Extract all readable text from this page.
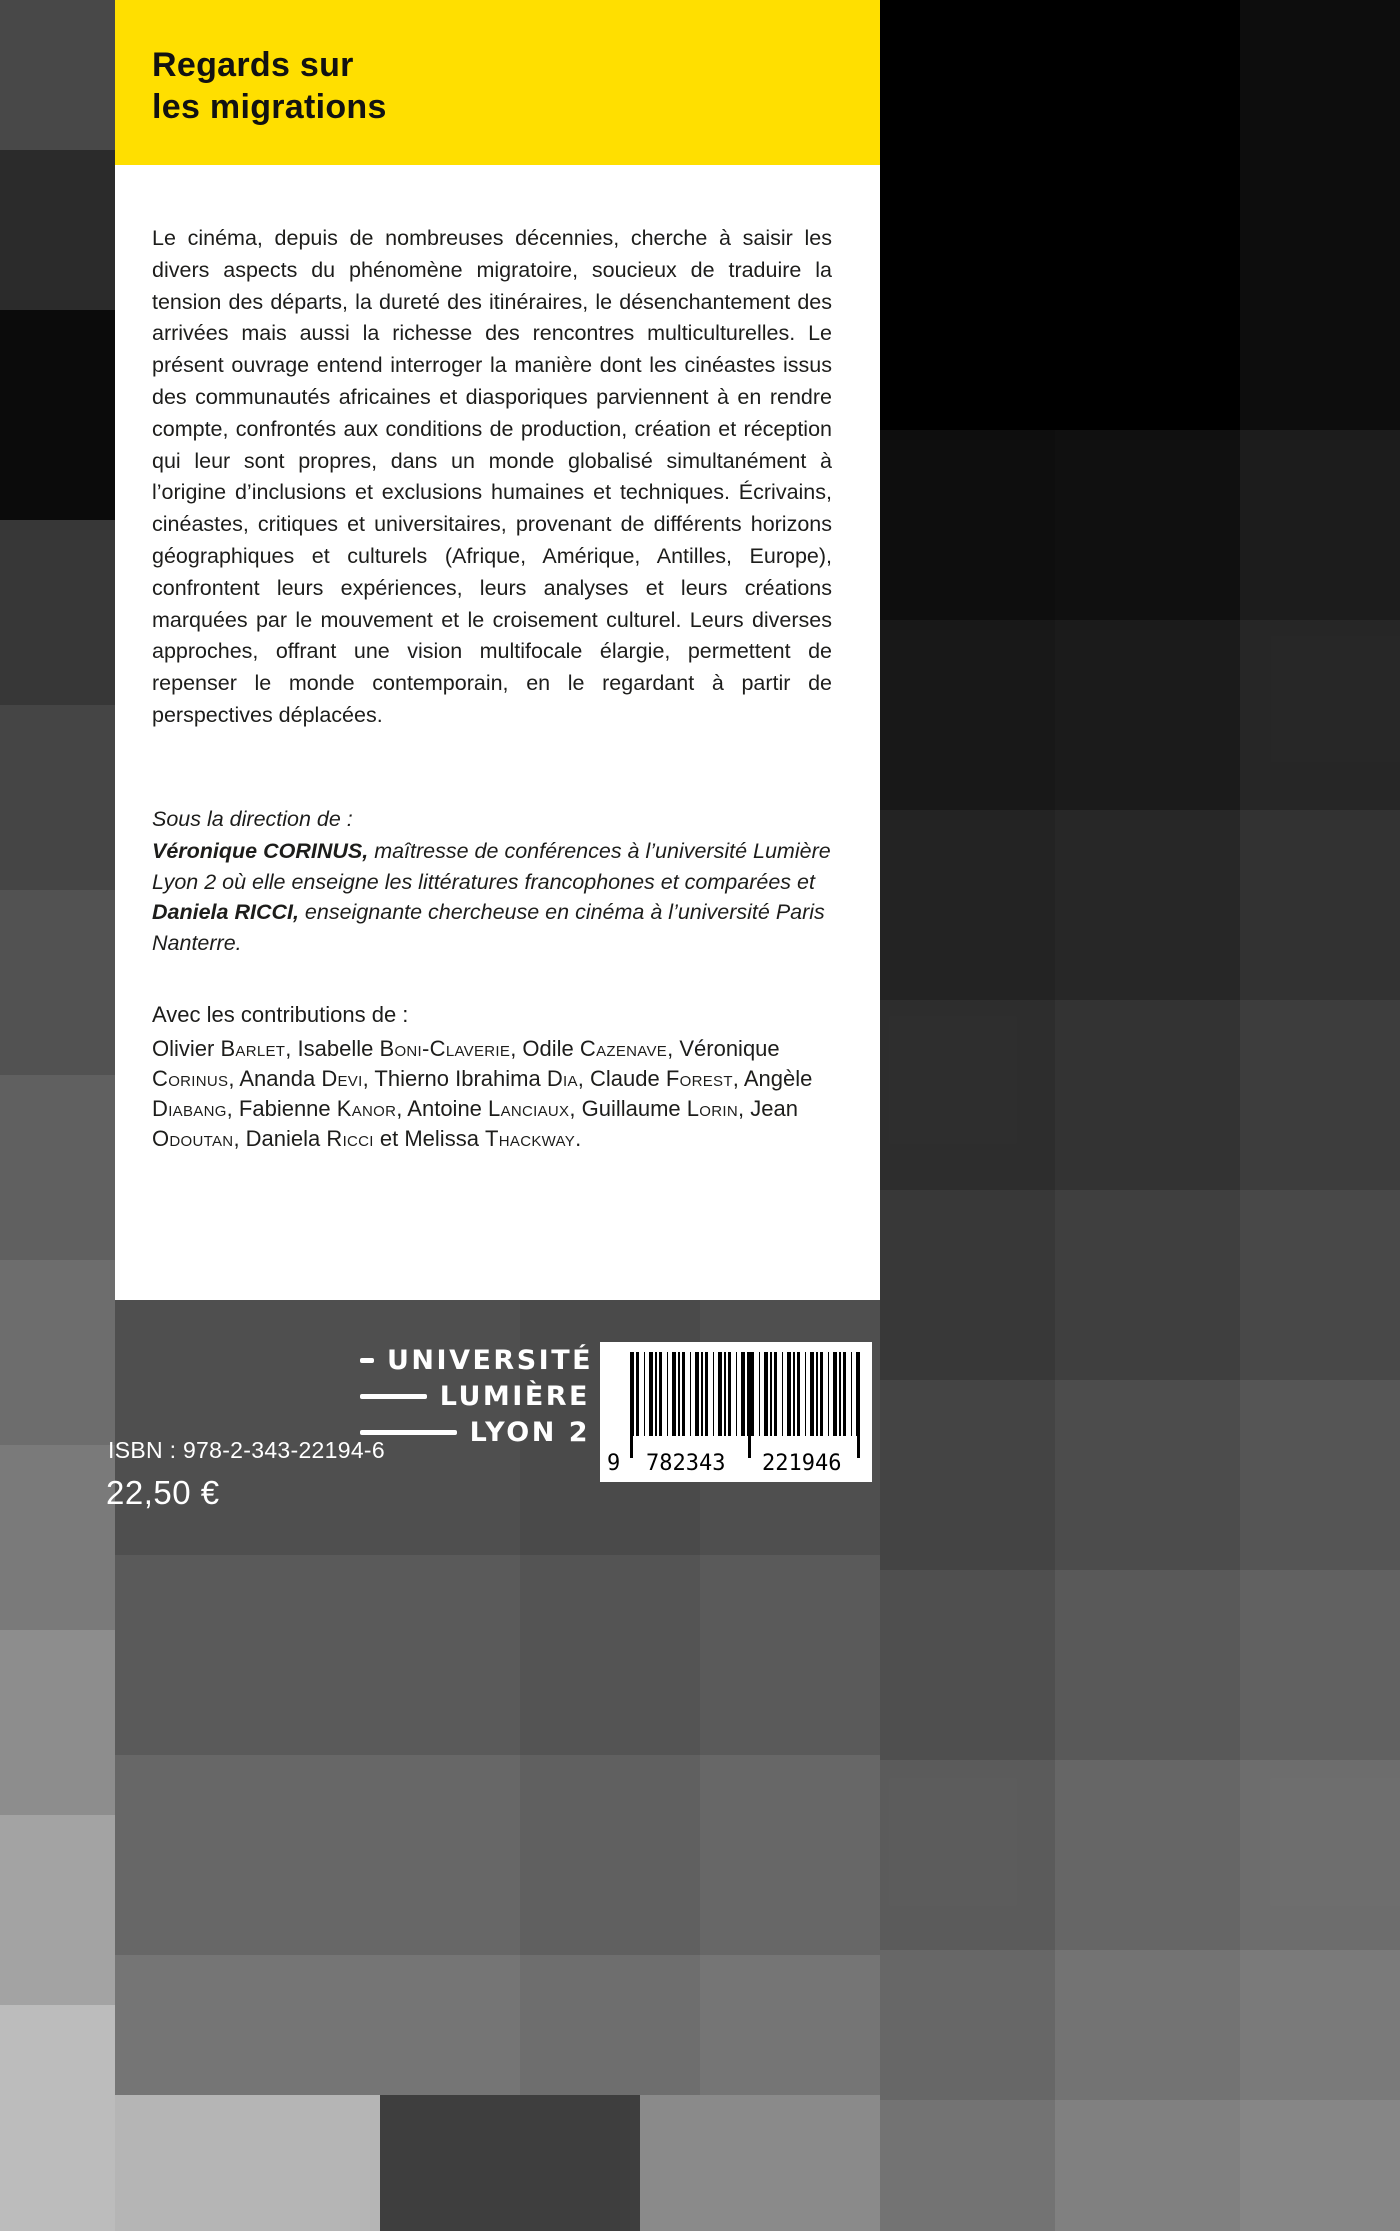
Regards sur
les migrations

Le cinéma, depuis de nombreuses décennies, cherche à saisir les divers aspects du phénomène migratoire, soucieux de traduire la tension des départs, la dureté des itinéraires, le désenchantement des arrivées mais aussi la richesse des rencontres multiculturelles. Le présent ouvrage entend interroger la manière dont les cinéastes issus des communautés africaines et diasporiques parviennent à en rendre compte, confrontés aux conditions de production, création et réception qui leur sont propres, dans un monde globalisé simultanément à l’origine d’inclusions et exclusions humaines et techniques. Écrivains, cinéastes, critiques et universitaires, provenant de différents horizons géographiques et culturels (Afrique, Amérique, Antilles, Europe), confrontent leurs expériences, leurs analyses et leurs créations marquées par le mouvement et le croisement culturel. Leurs diverses approches, offrant une vision multifocale élargie, permettent de repenser le monde contemporain, en le regardant à partir de perspectives déplacées.

Sous la direction de :

Véronique CORINUS, maîtresse de conférences à l’université Lumière Lyon 2 où elle enseigne les littératures francophones et comparées et Daniela RICCI, enseignante chercheuse en cinéma à l’université Paris Nanterre.

Avec les contributions de :

Olivier Barlet, Isabelle Boni-Claverie, Odile Cazenave, Véronique Corinus, Ananda Devi, Thierno Ibrahima Dia, Claude Forest, Angèle Diabang, Fabienne Kanor, Antoine Lanciaux, Guillaume Lorin, Jean Odoutan, Daniela Ricci et Melissa Thackway.

UNIVERSITÉ
LUMIÈRE
LYON 2
9 782343 221946
ISBN : 978-2-343-22194-6
22,50 €
